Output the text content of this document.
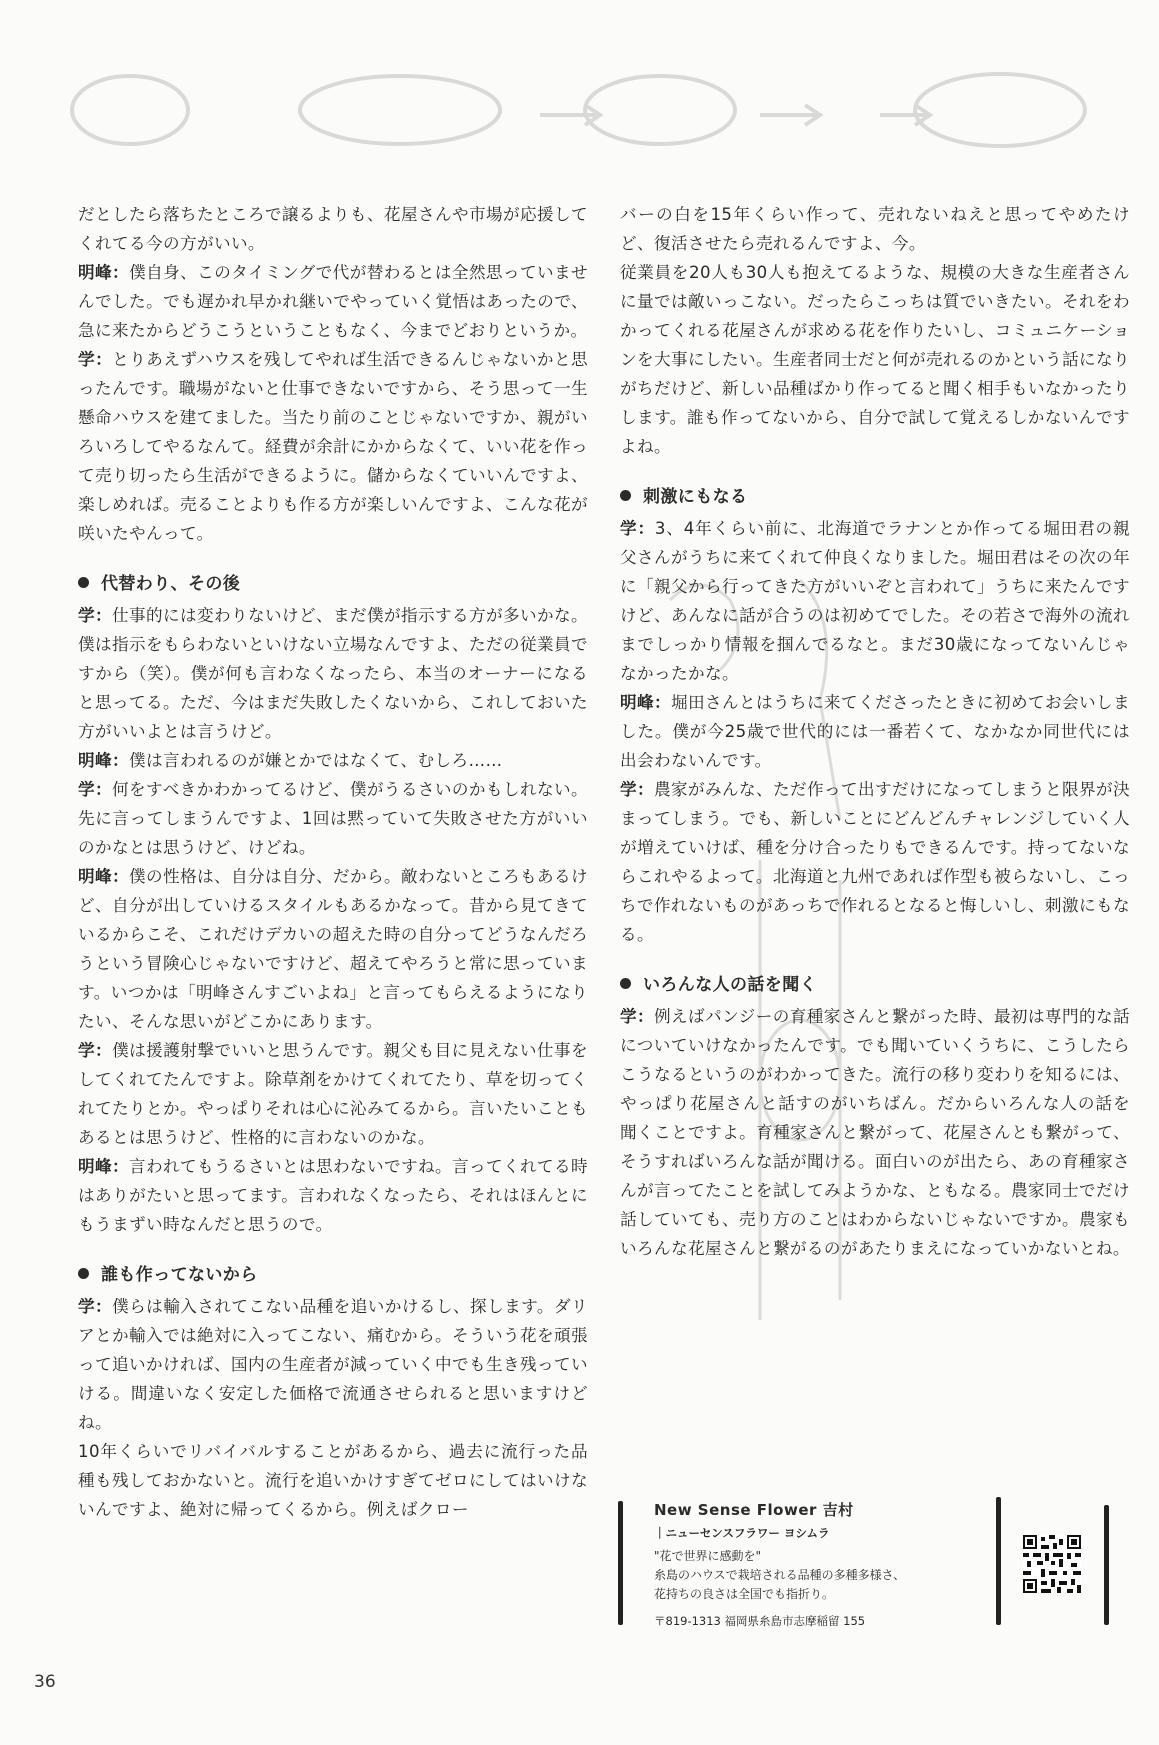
だとしたら落ちたところで譲るよりも、花屋さんや市場が応援してくれてる今の方がいい。

明峰：僕自身、このタイミングで代が替わるとは全然思っていませんでした。でも遅かれ早かれ継いでやっていく覚悟はあったので、急に来たからどうこうということもなく、今までどおりというか。

学：とりあえずハウスを残してやれば生活できるんじゃないかと思ったんです。職場がないと仕事できないですから、そう思って一生懸命ハウスを建てました。当たり前のことじゃないですか、親がいろいろしてやるなんて。経費が余計にかからなくて、いい花を作って売り切ったら生活ができるように。儲からなくていいんですよ、楽しめれば。売ることよりも作る方が楽しいんですよ、こんな花が咲いたやんって。

代替わり、その後

学：仕事的には変わりないけど、まだ僕が指示する方が多いかな。僕は指示をもらわないといけない立場なんですよ、ただの従業員ですから（笑）。僕が何も言わなくなったら、本当のオーナーになると思ってる。ただ、今はまだ失敗したくないから、これしておいた方がいいよとは言うけど。

明峰：僕は言われるのが嫌とかではなくて、むしろ……

学：何をすべきかわかってるけど、僕がうるさいのかもしれない。先に言ってしまうんですよ、1回は黙っていて失敗させた方がいいのかなとは思うけど、けどね。

明峰：僕の性格は、自分は自分、だから。敵わないところもあるけど、自分が出していけるスタイルもあるかなって。昔から見てきているからこそ、これだけデカいの超えた時の自分ってどうなんだろうという冒険心じゃないですけど、超えてやろうと常に思っています。いつかは「明峰さんすごいよね」と言ってもらえるようになりたい、そんな思いがどこかにあります。

学：僕は援護射撃でいいと思うんです。親父も目に見えない仕事をしてくれてたんですよ。除草剤をかけてくれてたり、草を切ってくれてたりとか。やっぱりそれは心に沁みてるから。言いたいこともあるとは思うけど、性格的に言わないのかな。

明峰：言われてもうるさいとは思わないですね。言ってくれてる時はありがたいと思ってます。言われなくなったら、それはほんとにもうまずい時なんだと思うので。

誰も作ってないから

学：僕らは輸入されてこない品種を追いかけるし、探します。ダリアとか輸入では絶対に入ってこない、痛むから。そういう花を頑張って追いかければ、国内の生産者が減っていく中でも生き残っていける。間違いなく安定した価格で流通させられると思いますけどね。

10年くらいでリバイバルすることがあるから、過去に流行った品種も残しておかないと。流行を追いかけすぎてゼロにしてはいけないんですよ、絶対に帰ってくるから。例えばクロー

バーの白を15年くらい作って、売れないねえと思ってやめたけど、復活させたら売れるんですよ、今。

従業員を20人も30人も抱えてるような、規模の大きな生産者さんに量では敵いっこない。だったらこっちは質でいきたい。それをわかってくれる花屋さんが求める花を作りたいし、コミュニケーションを大事にしたい。生産者同士だと何が売れるのかという話になりがちだけど、新しい品種ばかり作ってると聞く相手もいなかったりします。誰も作ってないから、自分で試して覚えるしかないんですよね。

刺激にもなる

学：3、4年くらい前に、北海道でラナンとか作ってる堀田君の親父さんがうちに来てくれて仲良くなりました。堀田君はその次の年に「親父から行ってきた方がいいぞと言われて」うちに来たんですけど、あんなに話が合うのは初めてでした。その若さで海外の流れまでしっかり情報を掴んでるなと。まだ30歳になってないんじゃなかったかな。

明峰：堀田さんとはうちに来てくださったときに初めてお会いしました。僕が今25歳で世代的には一番若くて、なかなか同世代には出会わないんです。

学：農家がみんな、ただ作って出すだけになってしまうと限界が決まってしまう。でも、新しいことにどんどんチャレンジしていく人が増えていけば、種を分け合ったりもできるんです。持ってないならこれやるよって。北海道と九州であれば作型も被らないし、こっちで作れないものがあっちで作れるとなると悔しいし、刺激にもなる。

いろんな人の話を聞く

学：例えばパンジーの育種家さんと繋がった時、最初は専門的な話についていけなかったんです。でも聞いていくうちに、こうしたらこうなるというのがわかってきた。流行の移り変わりを知るには、やっぱり花屋さんと話すのがいちばん。だからいろんな人の話を聞くことですよ。育種家さんと繋がって、花屋さんとも繋がって、そうすればいろんな話が聞ける。面白いのが出たら、あの育種家さんが言ってたことを試してみようかな、ともなる。農家同士でだけ話していても、売り方のことはわからないじゃないですか。農家もいろんな花屋さんと繋がるのがあたりまえになっていかないとね。

New Sense Flower 吉村

｜ニューセンスフラワー ヨシムラ

"花で世界に感動を"

糸島のハウスで栽培される品種の多種多様さ、

花持ちの良さは全国でも指折り。

〒819-1313 福岡県糸島市志摩稲留 155

36
